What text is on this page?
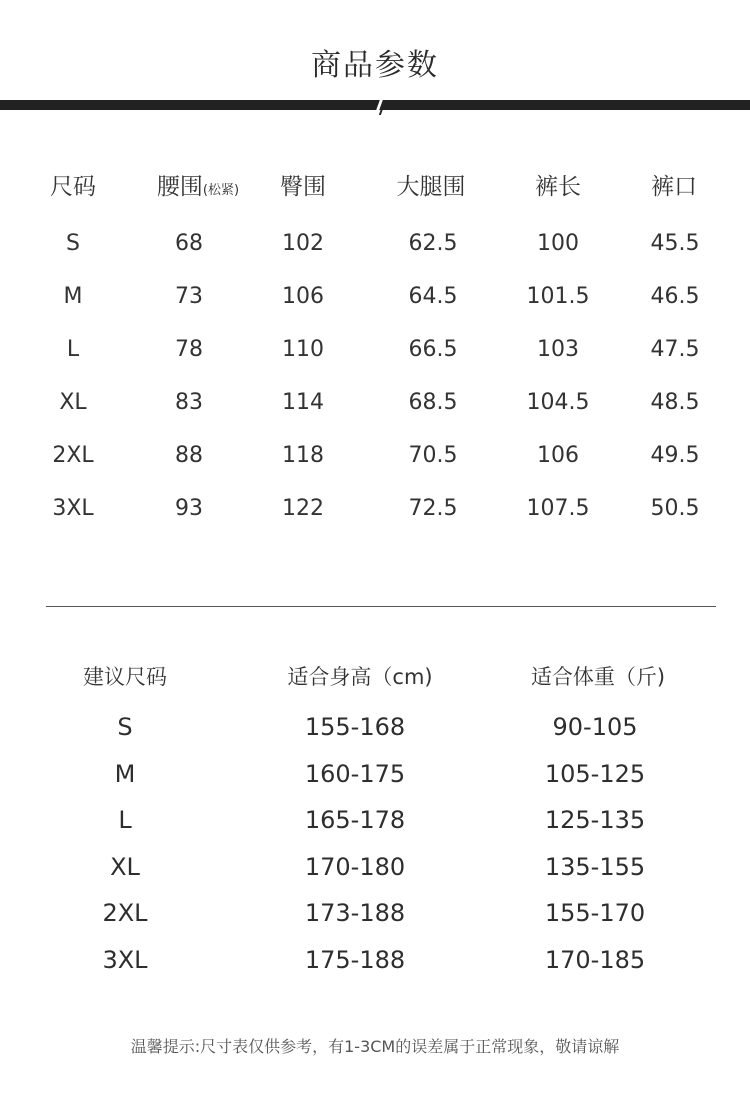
商品参数
尺码	腰围(松紧) 臀围	大腿围	裤长	裤口
S	68	102	62.5	100	45.5
M	73	106	64.5	101.5	46.5
L	78	110	66.5	103	47.5
XL	83	114	68.5	104.5	48.5
2XL	88	118	70.5	106	49.5
3XL	93	122	72.5	107.5	50.5
建议尺码	适合身高（cm)	适合体重（斤)
S	155-168	90-105
M	160-175	105-125
L	165-178	125-135
XL	170-180	135-155
2XL	173-188	155-170
3XL	175-188	170-185
温馨提示:尺寸表仅供参考，有1-3CM的误差属于正常现象，敬请谅解
